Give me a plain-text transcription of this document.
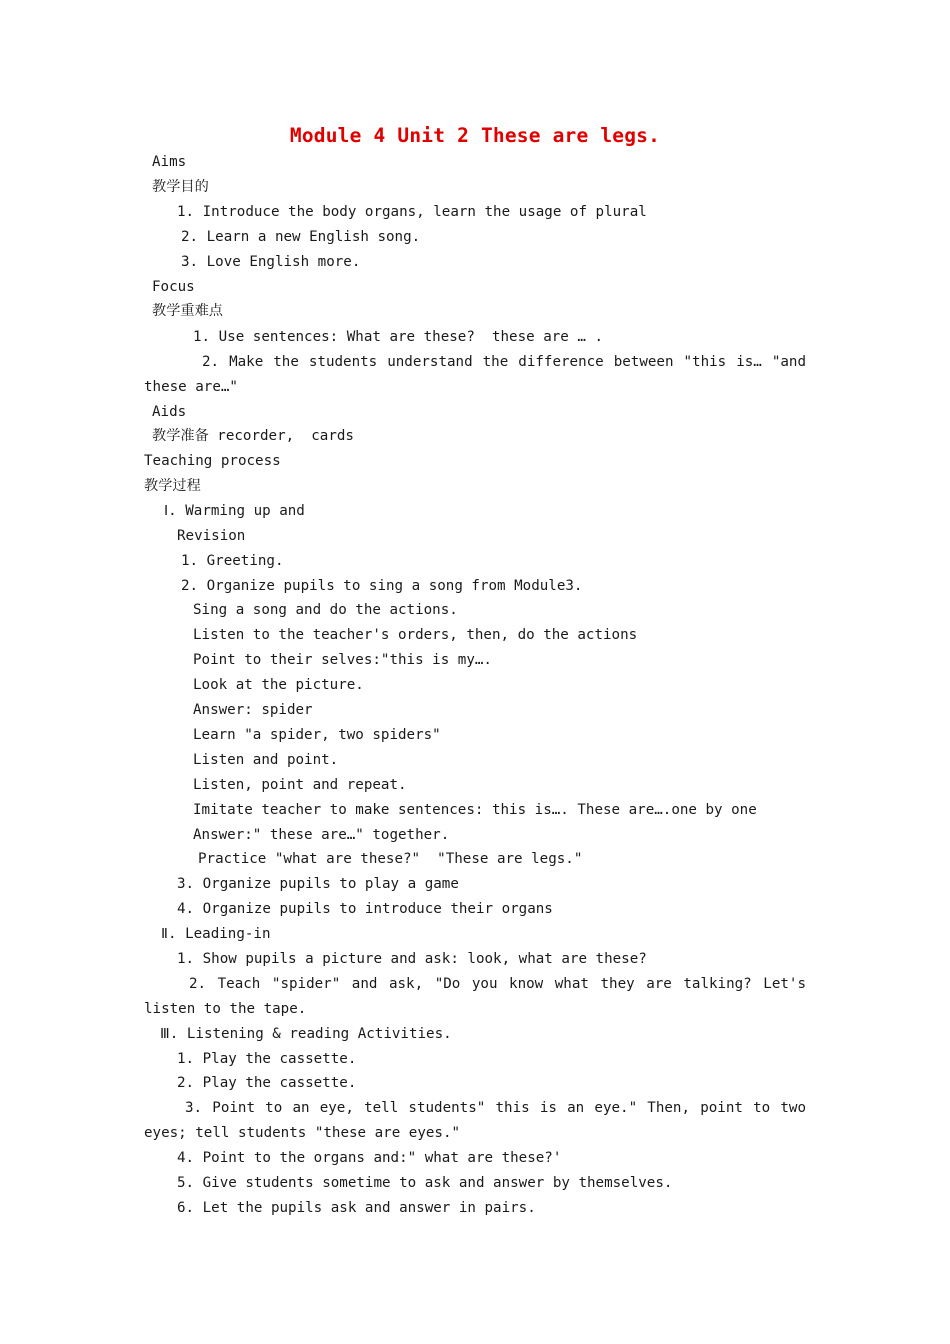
Module 4 Unit 2 These are legs.
Aims
教学目的
1. Introduce the body organs, learn the usage of plural
2. Learn a new English song.
3. Love English more.
Focus
教学重难点
1. Use sentences: What are these?  these are … .
2. Make the students understand the difference between "this is… "and
these are…"
Aids
教学准备 recorder,  cards
Teaching process
教学过程
Ⅰ. Warming up and
Revision
1. Greeting.
2. Organize pupils to sing a song from Module3.
Sing a song and do the actions.
Listen to the teacher's orders, then, do the actions
Point to their selves:"this is my….
Look at the picture.
Answer: spider
Learn "a spider, two spiders"
Listen and point.
Listen, point and repeat.
Imitate teacher to make sentences: this is…. These are….one by one
Answer:" these are…" together.
Practice "what are these?"  "These are legs."
3. Organize pupils to play a game
4. Organize pupils to introduce their organs
Ⅱ. Leading-in
1. Show pupils a picture and ask: look, what are these?
2. Teach "spider" and ask, "Do you know what they are talking? Let's
listen to the tape.
Ⅲ. Listening & reading Activities.
1. Play the cassette.
2. Play the cassette.
3. Point to an eye, tell students" this is an eye." Then, point to two
eyes; tell students "these are eyes."
4. Point to the organs and:" what are these?'
5. Give students sometime to ask and answer by themselves.
6. Let the pupils ask and answer in pairs.
